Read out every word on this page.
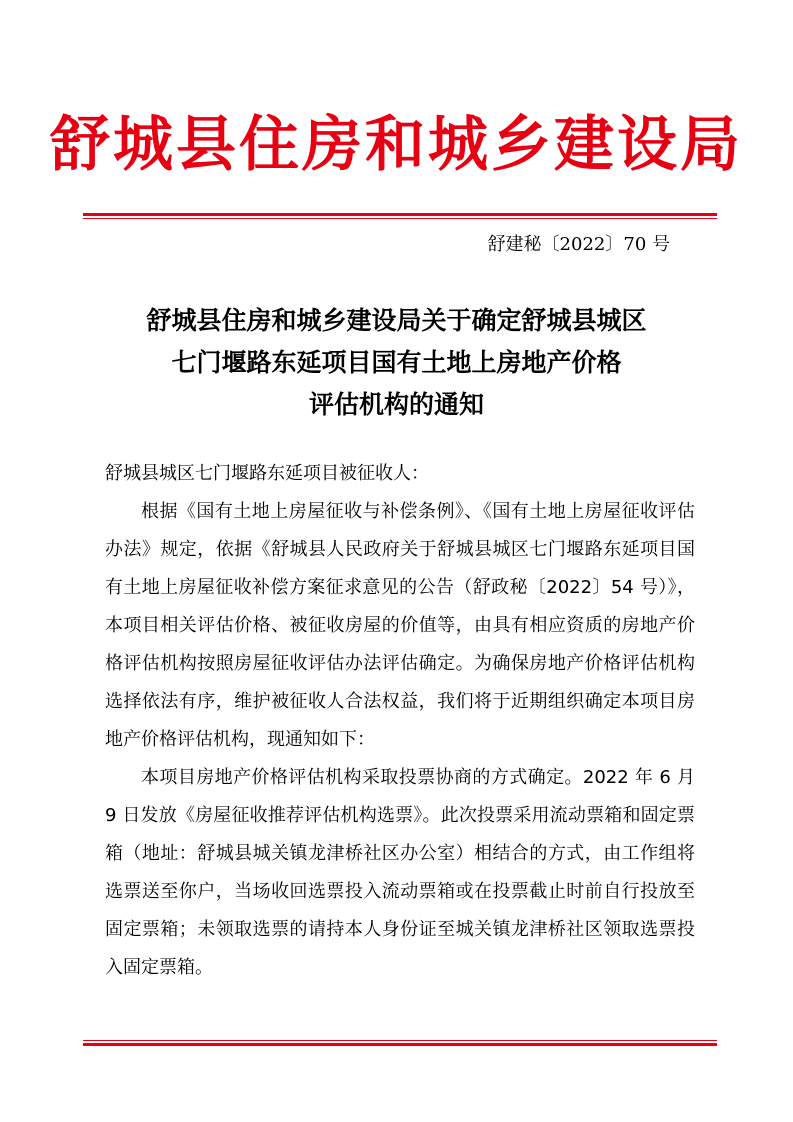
舒城县住房和城乡建设局
舒建秘〔2022〕70 号
舒城县住房和城乡建设局关于确定舒城县城区
七门堰路东延项目国有土地上房地产价格
评估机构的通知

舒城县城区七门堰路东延项目被征收人：

根据《国有土地上房屋征收与补偿条例》、《国有土地上房屋征收评估办法》规定，依据《舒城县人民政府关于舒城县城区七门堰路东延项目国有土地上房屋征收补偿方案征求意见的公告（舒政秘〔2022〕54 号）》，本项目相关评估价格、被征收房屋的价值等，由具有相应资质的房地产价格评估机构按照房屋征收评估办法评估确定。为确保房地产价格评估机构选择依法有序，维护被征收人合法权益，我们将于近期组织确定本项目房地产价格评估机构，现通知如下：

本项目房地产价格评估机构采取投票协商的方式确定。2022 年 6 月 9 日发放《房屋征收推荐评估机构选票》。此次投票采用流动票箱和固定票箱（地址：舒城县城关镇龙津桥社区办公室）相结合的方式，由工作组将选票送至你户，当场收回选票投入流动票箱或在投票截止时前自行投放至固定票箱；未领取选票的请持本人身份证至城关镇龙津桥社区领取选票投入固定票箱。
